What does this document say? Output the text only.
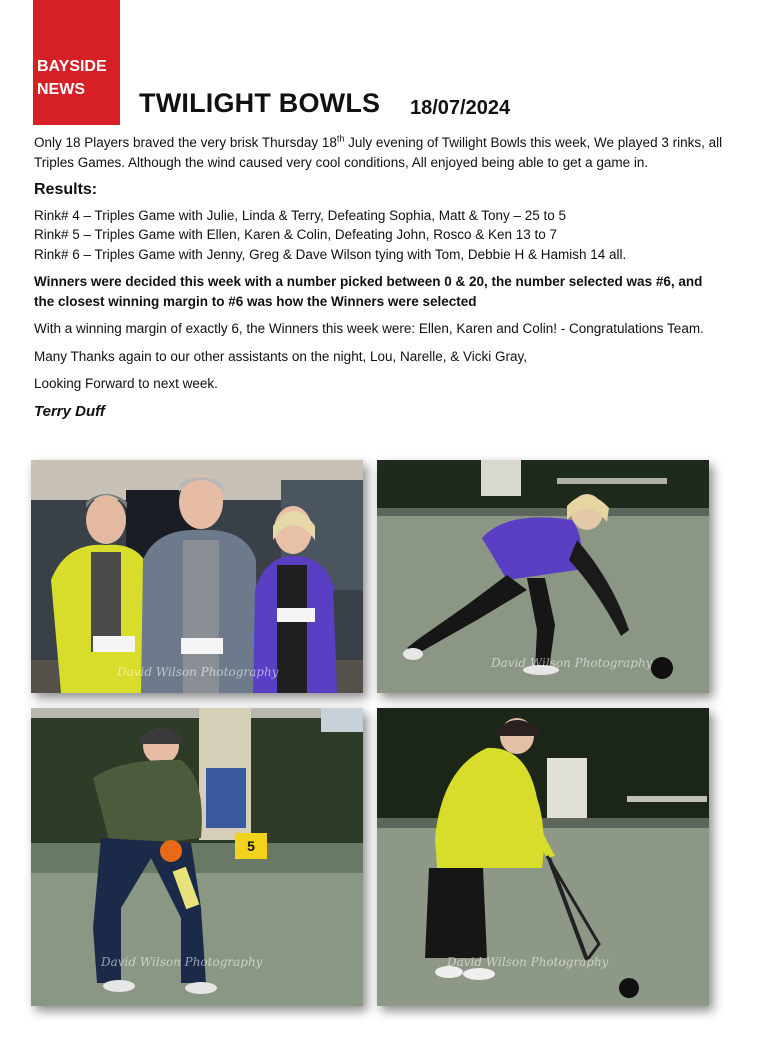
BAYSIDE
NEWS	TWILIGHT BOWLS 18/07/2024

Only 18 Players braved the very brisk Thursday 18th July evening of Twilight Bowls this week, We played 3 rinks, all Triples Games. Although the wind caused very cool conditions, All enjoyed being able to get a game in.

Results:

Rink# 4 – Triples Game with Julie, Linda & Terry, Defeating Sophia, Matt & Tony – 25 to 5

Rink# 5 – Triples Game with Ellen, Karen & Colin, Defeating John, Rosco & Ken 13 to 7

Rink# 6 – Triples Game with Jenny, Greg & Dave Wilson tying with Tom, Debbie H & Hamish 14 all.

Winners were decided this week with a number picked between 0 & 20, the number selected was #6, and the closest winning margin to #6 was how the Winners were selected

With a winning margin of exactly 6, the Winners this week were: Ellen, Karen and Colin! - Congratulations Team.

Many Thanks again to our other assistants on the night, Lou, Narelle, & Vicki Gray,

Looking Forward to next week.

Terry Duff
David Wilson Photography
David Wilson Photography
5
David Wilson Photography	David Wilson Photography
